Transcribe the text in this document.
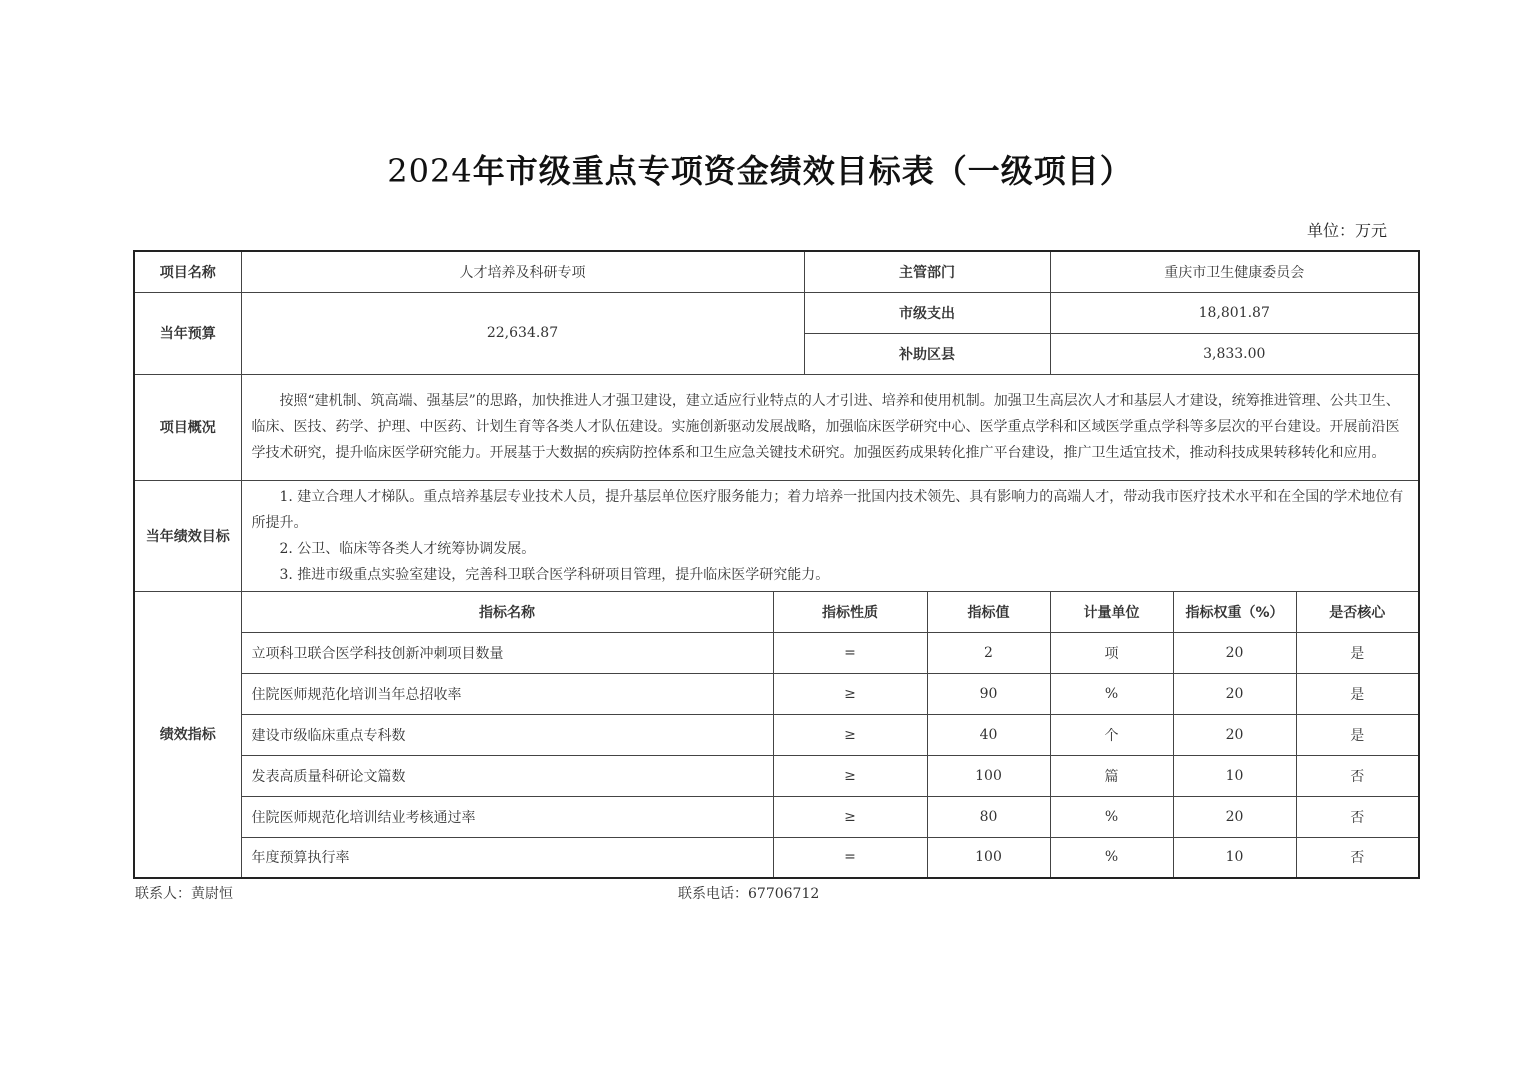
2024年市级重点专项资金绩效目标表（一级项目）
单位：万元
项目名称	人才培养及科研专项		主管部门		重庆市卫生健康委员会		
当年预算	22,634.87		市级支出		18,801.87		
			补助区县		3,833.00		
项目概况	按照“建机制、筑高端、强基层”的思路，加快推进人才强卫建设，建立适应行业特点的人才引进、培养和使用机制。加强卫生高层次人才和基层人才建设，统筹推进管理、公共卫生、临床、医技、药学、护理、中医药、计划生育等各类人才队伍建设。实施创新驱动发展战略，加强临床医学研究中心、医学重点学科和区域医学重点学科等多层次的平台建设。开展前沿医学技术研究，提升临床医学研究能力。开展基于大数据的疾病防控体系和卫生应急关键技术研究。加强医药成果转化推广平台建设，推广卫生适宜技术，推动科技成果转移转化和应用。						

当年绩效目标	1. 建立合理人才梯队。重点培养基层专业技术人员，提升基层单位医疗服务能力；着力培养一批国内技术领先、具有影响力的高端人才，带动我市医疗技术水平和在全国的学术地位有所提升。

2. 公卫、临床等各类人才统筹协调发展。

3. 推进市级重点实验室建设，完善科卫联合医学科研项目管理，提升临床医学研究能力。						

绩效指标	指标名称	指标性质		指标值	计量单位	指标权重（%）	是否核心
	立项科卫联合医学科技创新冲刺项目数量	=		2	项	20	是
	住院医师规范化培训当年总招收率	≥		90	%	20	是
	建设市级临床重点专科数	≥		40	个	20	是
	发表高质量科研论文篇数	≥		100	篇	10	否
	住院医师规范化培训结业考核通过率	≥		80	%	20	否
	年度预算执行率	=		100	%	10	否
联系人：黄尉恒	联系电话：67706712
